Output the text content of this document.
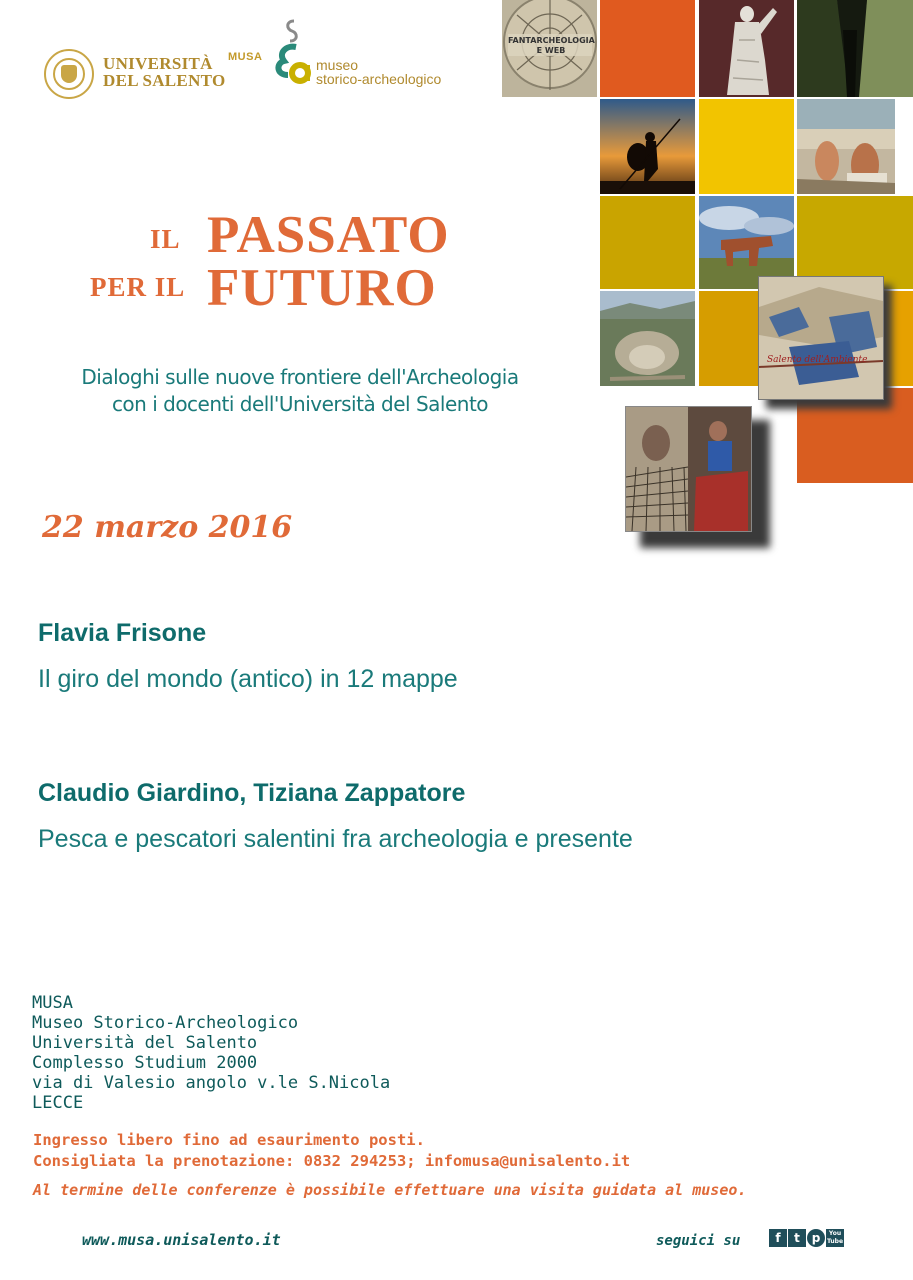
UNIVERSITÀ
DEL SALENTO
MUSA	museo
storico-archeologico
FANTARCHEOLOGIA E WEB
Salento dell'Ambiente
IL PASSATO
PER IL FUTURO
Dialoghi sulle nuove frontiere dell'Archeologia
con i docenti dell'Università del Salento
22 marzo 2016
Flavia Frisone
Il giro del mondo (antico) in 12 mappe
Claudio Giardino, Tiziana Zappatore
Pesca e pescatori salentini fra archeologia e presente
MUSA
Museo Storico-Archeologico
Università del Salento
Complesso Studium 2000
via di Valesio angolo v.le S.Nicola
LECCE
Ingresso libero fino ad esaurimento posti.
Consigliata la prenotazione: 0832 294253; infomusa@unisalento.it
Al termine delle conferenze è possibile effettuare una visita guidata al museo.
www.musa.unisalento.it	seguici su	f	t p	You Tube
